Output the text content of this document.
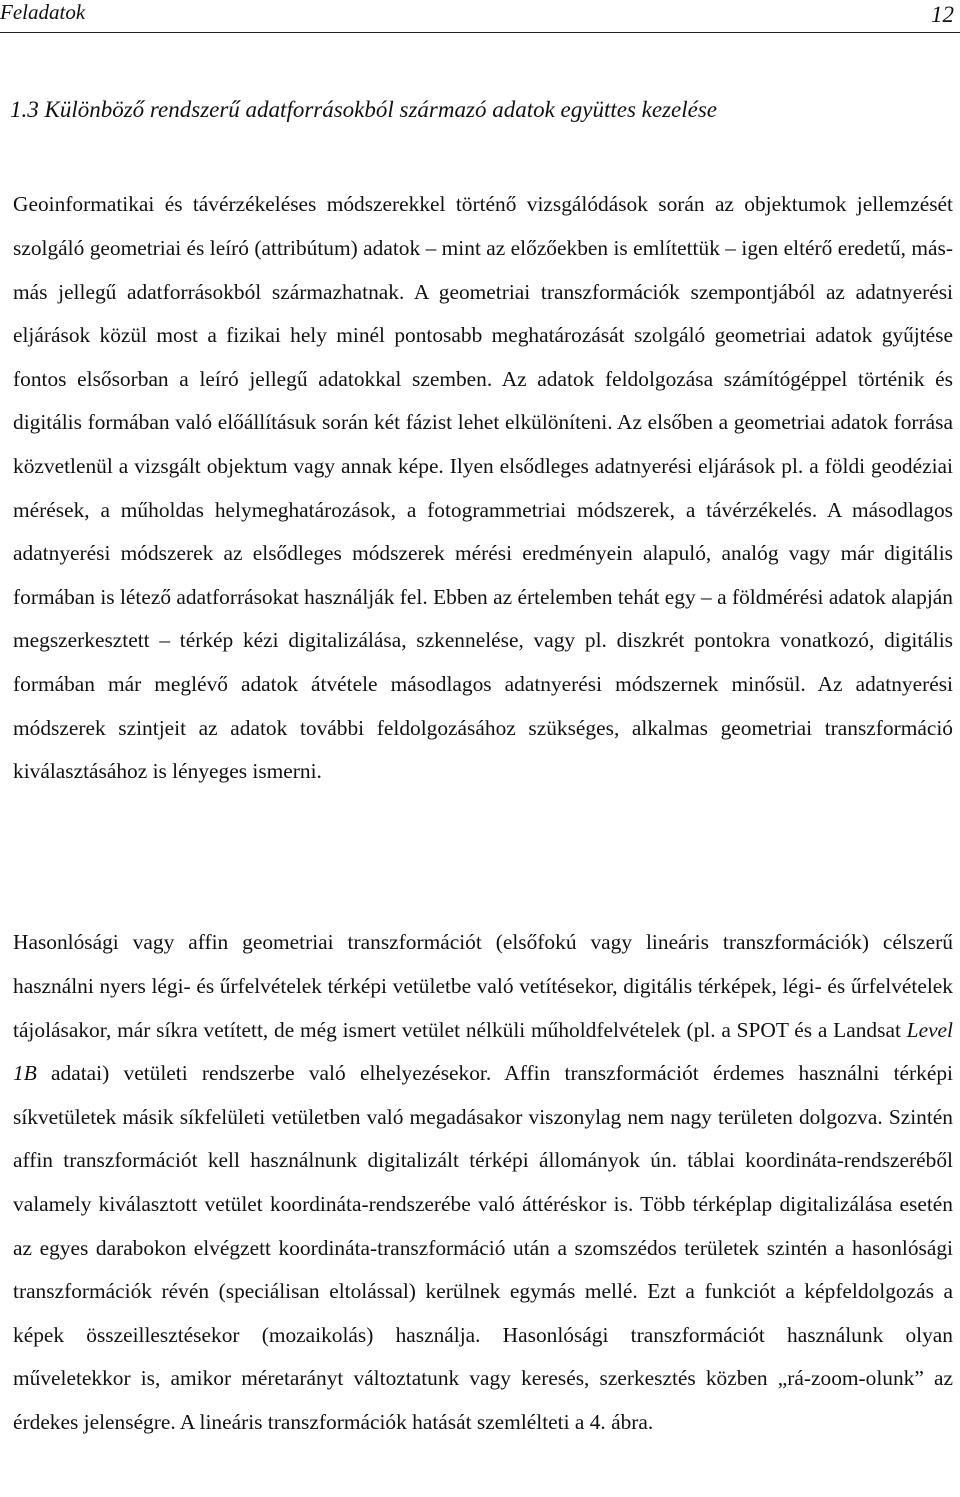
Feladatok	12
1.3 Különböző rendszerű adatforrásokból származó adatok együttes kezelése

Geoinformatikai és távérzékeléses módszerekkel történő vizsgálódások során az objektumok jellemzését szolgáló geometriai és leíró (attribútum) adatok – mint az előzőekben is említettük – igen eltérő eredetű, más-más jellegű adatforrásokból származhatnak. A geometriai transzformációk szempontjából az adatnyerési eljárások közül most a fizikai hely minél pontosabb meghatározását szolgáló geometriai adatok gyűjtése fontos elsősorban a leíró jellegű adatokkal szemben. Az adatok feldolgozása számítógéppel történik és digitális formában való előállításuk során két fázist lehet elkülöníteni. Az elsőben a geometriai adatok forrása közvetlenül a vizsgált objektum vagy annak képe. Ilyen elsődleges adatnyerési eljárások pl. a földi geodéziai mérések, a műholdas helymeghatározások, a fotogrammetriai módszerek, a távérzékelés. A másodlagos adatnyerési módszerek az elsődleges módszerek mérési eredményein alapuló, analóg vagy már digitális formában is létező adatforrásokat használják fel. Ebben az értelemben tehát egy – a földmérési adatok alapján megszerkesztett – térkép kézi digitalizálása, szkennelése, vagy pl. diszkrét pontokra vonatkozó, digitális formában már meglévő adatok átvétele másodlagos adatnyerési módszernek minősül. Az adatnyerési módszerek szintjeit az adatok további feldolgozásához szükséges, alkalmas geometriai transzformáció kiválasztásához is lényeges ismerni.

Hasonlósági vagy affin geometriai transzformációt (elsőfokú vagy lineáris transzformációk) célszerű használni nyers légi- és űrfelvételek térképi vetületbe való vetítésekor, digitális térképek, légi- és űrfelvételek tájolásakor, már síkra vetített, de még ismert vetület nélküli műholdfelvételek (pl. a SPOT és a Landsat Level 1B adatai) vetületi rendszerbe való elhelyezésekor. Affin transzformációt érdemes használni térképi síkvetületek másik síkfelületi vetületben való megadásakor viszonylag nem nagy területen dolgozva. Szintén affin transzformációt kell használnunk digitalizált térképi állományok ún. táblai koordináta-rendszeréből valamely kiválasztott vetület koordináta-rendszerébe való áttéréskor is. Több térképlap digitalizálása esetén az egyes darabokon elvégzett koordináta-transzformáció után a szomszédos területek szintén a hasonlósági transzformációk révén (speciálisan eltolással) kerülnek egymás mellé. Ezt a funkciót a képfeldolgozás a képek összeillesztésekor (mozaikolás) használja. Hasonlósági transzformációt használunk olyan műveletekkor is, amikor méretarányt változtatunk vagy keresés, szerkesztés közben „rá-zoom-olunk” az érdekes jelenségre. A lineáris transzformációk hatását szemlélteti a 4. ábra.
